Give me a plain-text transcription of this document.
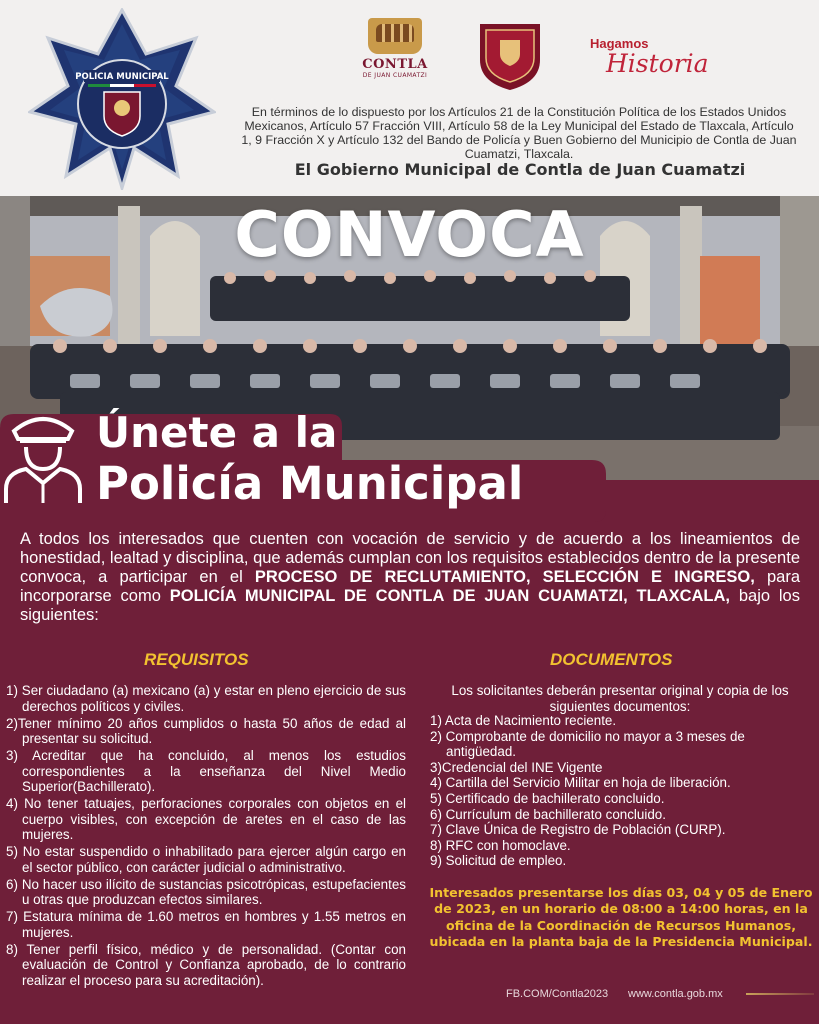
POLICIA MUNICIPAL
CONTLA
DE JUAN CUAMATZI
Hagamos
Historia

En términos de lo dispuesto por los Artículos 21 de la Constitución Política de los Estados Unidos Mexicanos, Artículo 57 Fracción VIII, Artículo 58 de la Ley Municipal del Estado de Tlaxcala, Artículo 1, 9 Fracción X y Artículo 132 del Bando de Policía y Buen Gobierno del Municipio de Contla de Juan Cuamatzi, Tlaxcala.

El Gobierno Municipal de Contla de Juan Cuamatzi

CONVOCA

Únete a la

Policía Municipal

A todos los interesados que cuenten con vocación de servicio y de acuerdo a los lineamientos de honestidad, lealtad y disciplina, que además cumplan con los requisitos establecidos dentro de la presente convoca, a participar en el PROCESO DE RECLUTAMIENTO, SELECCIÓN E INGRESO, para incorporarse como POLICÍA MUNICIPAL DE CONTLA DE JUAN CUAMATZI, TLAXCALA, bajo los siguientes:

REQUISITOS

1) Ser ciudadano (a) mexicano (a) y estar en pleno ejercicio de sus derechos políticos y civiles.
2)Tener mínimo 20 años cumplidos o hasta 50 años de edad al presentar su solicitud.
3) Acreditar que ha concluido, al menos los estudios correspondientes a la enseñanza del Nivel Medio Superior(Bachillerato).
4) No tener tatuajes, perforaciones corporales con objetos en el cuerpo visibles, con excepción de aretes en el caso de las mujeres.
5) No estar suspendido o inhabilitado para ejercer algún cargo en el sector público, con carácter judicial o administrativo.
6) No hacer uso ilícito de sustancias psicotrópicas, estupefacientes u otras que produzcan efectos similares.
7) Estatura mínima de 1.60 metros en hombres y 1.55 metros en mujeres.
8) Tener perfil físico, médico y de personalidad. (Contar con evaluación de Control y Confianza aprobado, de lo contrario realizar el proceso para su acreditación).

DOCUMENTOS

Los solicitantes deberán presentar original y copia de los siguientes documentos:

1) Acta de Nacimiento reciente.
2) Comprobante de domicilio no mayor a 3 meses de antigüedad.
3)Credencial del INE Vigente
4) Cartilla del Servicio Militar en hoja de liberación.
5) Certificado de bachillerato concluido.
6) Currículum de bachillerato concluido.
7) Clave Única de Registro de Población (CURP).
8) RFC con homoclave.
9) Solicitud de empleo.

Interesados presentarse los días 03, 04 y 05 de Enero de 2023, en un horario de 08:00 a 14:00 horas, en la oficina de la Coordinación de Recursos Humanos, ubicada en la planta baja de la Presidencia Municipal.

FB.COM/Contla2023 www.contla.gob.mx
